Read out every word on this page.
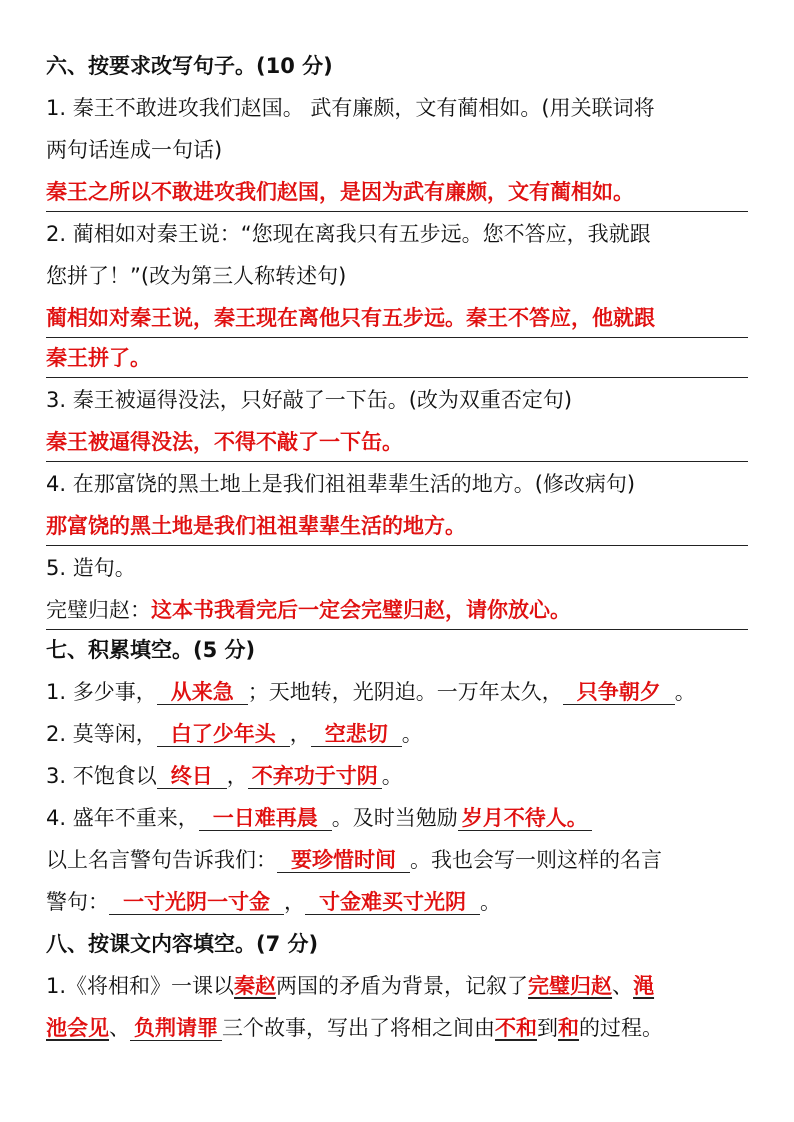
六、按要求改写句子。(10 分)
1. 秦王不敢进攻我们赵国。 武有廉颇，文有蔺相如。(用关联词将
两句话连成一句话)
秦王之所以不敢进攻我们赵国，是因为武有廉颇，文有蔺相如。
2. 蔺相如对秦王说：“您现在离我只有五步远。您不答应，我就跟
您拼了！”(改为第三人称转述句)
蔺相如对秦王说，秦王现在离他只有五步远。秦王不答应，他就跟
秦王拼了。
3. 秦王被逼得没法，只好敲了一下缶。(改为双重否定句)
秦王被逼得没法，不得不敲了一下缶。
4. 在那富饶的黑土地上是我们祖祖辈辈生活的地方。(修改病句)
那富饶的黑土地是我们祖祖辈辈生活的地方。
5. 造句。
完璧归赵：这本书我看完后一定会完璧归赵，请你放心。
七、积累填空。(5 分)
1. 多少事， 从来急 ；天地转，光阴迫。一万年太久， 只争朝夕 。
2. 莫等闲， 白了少年头 ， 空悲切 。
3. 不饱食以 终日 ， 不弃功于寸阴 。
4. 盛年不重来， 一日难再晨 。及时当勉励 岁月不待人。
以上名言警句告诉我们： 要珍惜时间 。我也会写一则这样的名言
警句： 一寸光阴一寸金 ， 寸金难买寸光阴 。
八、按课文内容填空。(7 分)
1.《将相和》一课以秦赵两国的矛盾为背景，记叙了完璧归赵、渑
池会见、 负荆请罪 三个故事，写出了将相之间由不和到和的过程。
